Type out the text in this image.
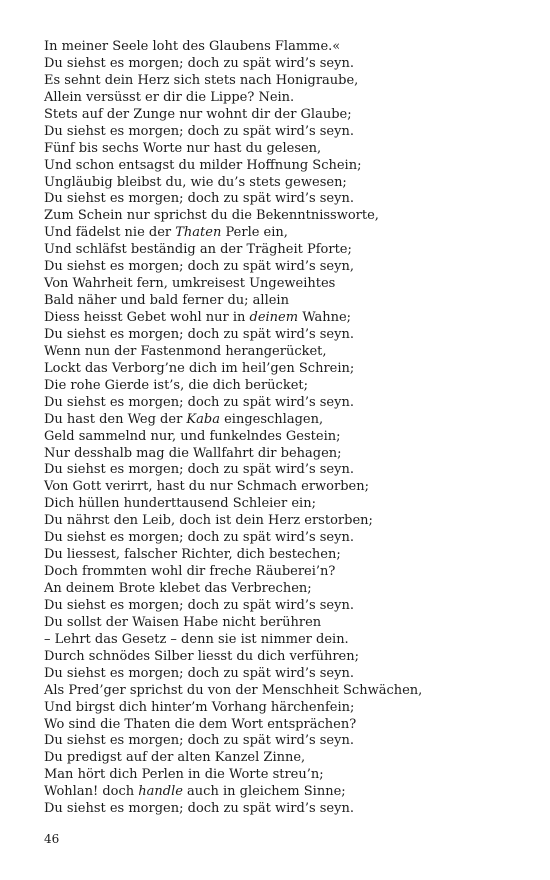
In meiner Seele loht des Glaubens Flamme.«
Du siehst es morgen; doch zu spät wird’s seyn.
Es sehnt dein Herz sich stets nach Honigraube,
Allein versüsst er dir die Lippe? Nein.
Stets auf der Zunge nur wohnt dir der Glaube;
Du siehst es morgen; doch zu spät wird’s seyn.
Fünf bis sechs Worte nur hast du gelesen,
Und schon entsagst du milder Hoffnung Schein;
Ungläubig bleibst du, wie du’s stets gewesen;
Du siehst es morgen; doch zu spät wird’s seyn.
Zum Schein nur sprichst du die Bekenntnissworte,
Und fädelst nie der Thaten Perle ein,
Und schläfst beständig an der Trägheit Pforte;
Du siehst es morgen; doch zu spät wird’s seyn,
Von Wahrheit fern, umkreisest Ungeweihtes
Bald näher und bald ferner du; allein
Diess heisst Gebet wohl nur in deinem Wahne;
Du siehst es morgen; doch zu spät wird’s seyn.
Wenn nun der Fastenmond herangerücket,
Lockt das Verborg’ne dich im heil’gen Schrein;
Die rohe Gierde ist’s, die dich berücket;
Du siehst es morgen; doch zu spät wird’s seyn.
Du hast den Weg der Kaba eingeschlagen,
Geld sammelnd nur, und funkelndes Gestein;
Nur desshalb mag die Wallfahrt dir behagen;
Du siehst es morgen; doch zu spät wird’s seyn.
Von Gott verirrt, hast du nur Schmach erworben;
Dich hüllen hunderttausend Schleier ein;
Du nährst den Leib, doch ist dein Herz erstorben;
Du siehst es morgen; doch zu spät wird’s seyn.
Du liessest, falscher Richter, dich bestechen;
Doch frommten wohl dir freche Räuberei’n?
An deinem Brote klebet das Verbrechen;
Du siehst es morgen; doch zu spät wird’s seyn.
Du sollst der Waisen Habe nicht berühren
– Lehrt das Gesetz – denn sie ist nimmer dein.
Durch schnödes Silber liesst du dich verführen;
Du siehst es morgen; doch zu spät wird’s seyn.
Als Pred’ger sprichst du von der Menschheit Schwächen,
Und birgst dich hinter’m Vorhang härchenfein;
Wo sind die Thaten die dem Wort entsprächen?
Du siehst es morgen; doch zu spät wird’s seyn.
Du predigst auf der alten Kanzel Zinne,
Man hört dich Perlen in die Worte streu’n;
Wohlan! doch handle auch in gleichem Sinne;
Du siehst es morgen; doch zu spät wird’s seyn.
46
